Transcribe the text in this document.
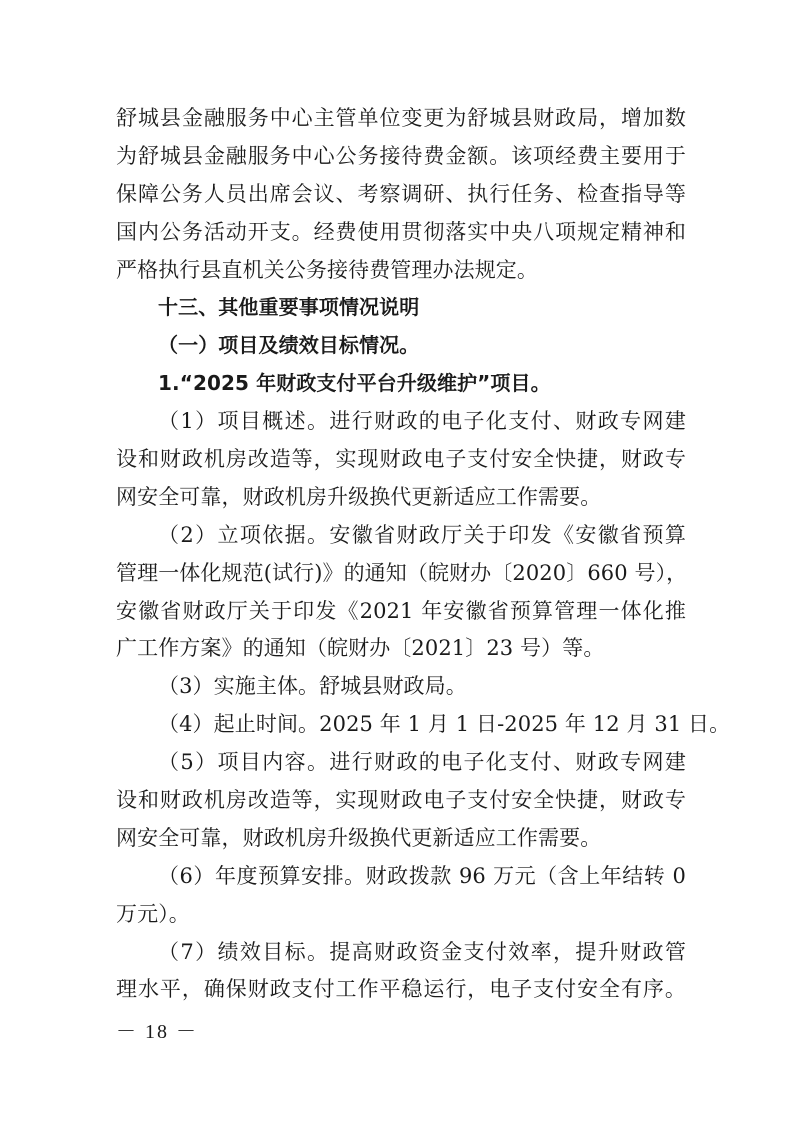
舒城县金融服务中心主管单位变更为舒城县财政局，增加数
为舒城县金融服务中心公务接待费金额。该项经费主要用于
保障公务人员出席会议、考察调研、执行任务、检查指导等
国内公务活动开支。经费使用贯彻落实中央八项规定精神和
严格执行县直机关公务接待费管理办法规定。
十三、其他重要事项情况说明
（一）项目及绩效目标情况。
1.“2025 年财政支付平台升级维护”项目。
（1）项目概述。进行财政的电子化支付、财政专网建
设和财政机房改造等，实现财政电子支付安全快捷，财政专
网安全可靠，财政机房升级换代更新适应工作需要。
（2）立项依据。安徽省财政厅关于印发《安徽省预算
管理一体化规范(试行)》的通知（皖财办〔2020〕660 号），
安徽省财政厅关于印发《2021 年安徽省预算管理一体化推
广工作方案》的通知（皖财办〔2021〕23 号）等。
（3）实施主体。舒城县财政局。
（4）起止时间。2025 年 1 月 1 日-2025 年 12 月 31 日。
（5）项目内容。进行财政的电子化支付、财政专网建
设和财政机房改造等，实现财政电子支付安全快捷，财政专
网安全可靠，财政机房升级换代更新适应工作需要。
（6）年度预算安排。财政拨款 96 万元（含上年结转 0
万元）。
（7）绩效目标。提高财政资金支付效率，提升财政管
理水平，确保财政支付工作平稳运行，电子支付安全有序。
－ 18 －
